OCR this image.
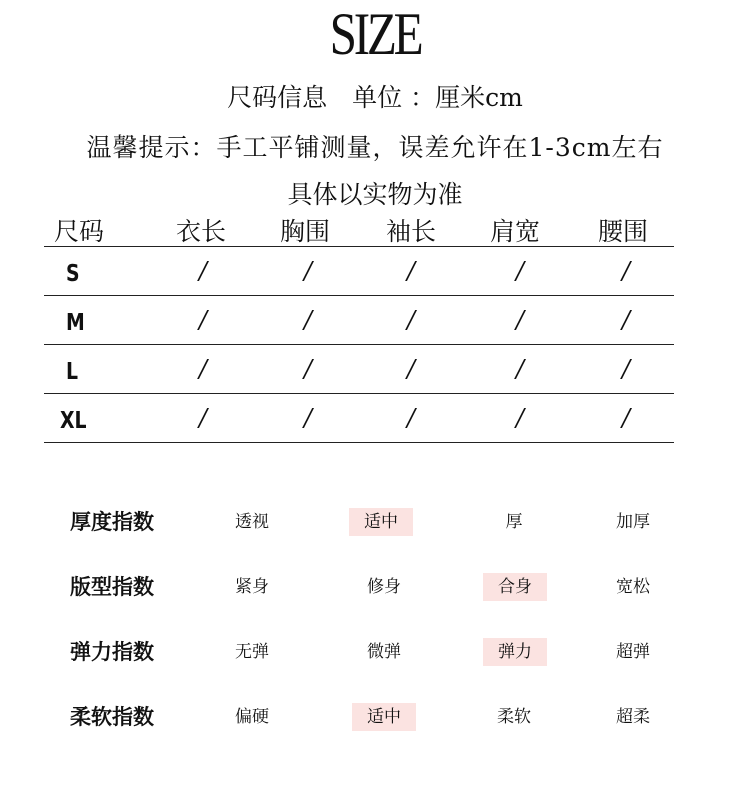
SIZE
尺码信息　单位 ：厘米cm
温馨提示：手工平铺测量，误差允许在1-3cm左右
具体以实物为准
尺码	衣长 胸围 袖长 肩宽 腰围
S	/	/	/	/	/
M	/	/	/	/	/
L	/	/	/	/	/
XL	/	/	/	/	/
厚度指数	透视	适中	厚	加厚
版型指数	紧身	修身	合身	宽松
弹力指数	无弹	微弹	弹力	超弹
柔软指数	偏硬	适中	柔软	超柔
